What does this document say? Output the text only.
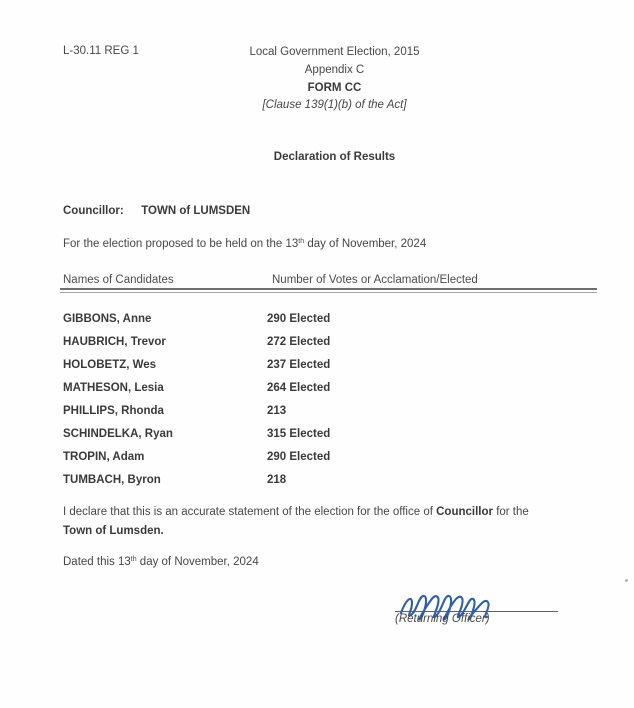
L-30.11 REG 1	Local Government Election, 2015
Appendix C
FORM CC
[Clause 139(1)(b) of the Act]
Declaration of Results
Councillor: TOWN of LUMSDEN
For the election proposed to be held on the 13th day of November, 2024
Names of Candidates	Number of Votes or Acclamation/Elected
GIBBONS, Anne	290 Elected
HAUBRICH, Trevor	272 Elected
HOLOBETZ, Wes	237 Elected
MATHESON, Lesia	264 Elected
PHILLIPS, Rhonda	213
SCHINDELKA, Ryan	315 Elected
TROPIN, Adam	290 Elected
TUMBACH, Byron	218
I declare that this is an accurate statement of the election for the office of Councillor for the
Town of Lumsden.
Dated this 13th day of November, 2024
(Returning Officer)
